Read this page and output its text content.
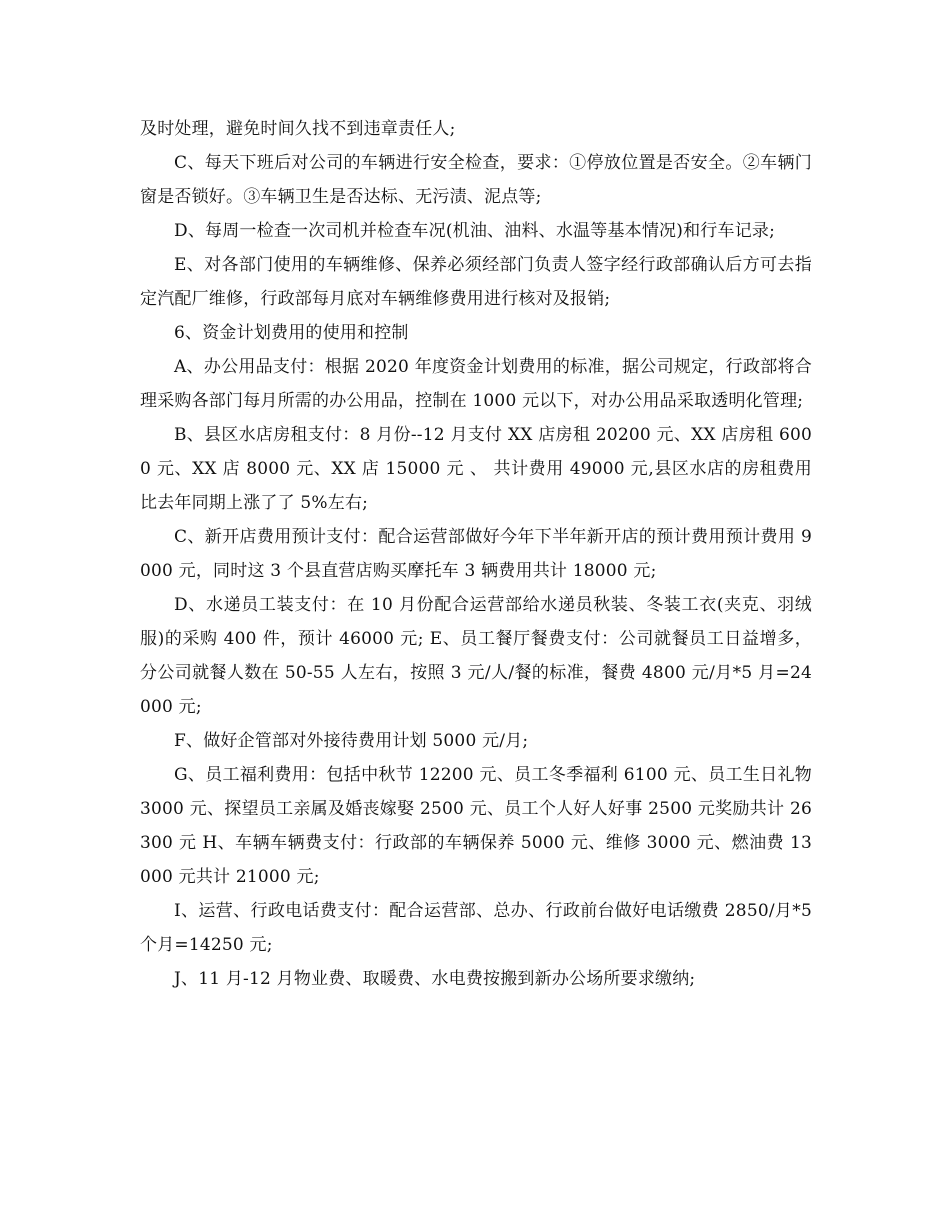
及时处理，避免时间久找不到违章责任人;

C、每天下班后对公司的车辆进行安全检查，要求：①停放位置是否安全。②车辆门窗是否锁好。③车辆卫生是否达标、无污渍、泥点等;

D、每周一检查一次司机并检查车况(机油、油料、水温等基本情况)和行车记录;

E、对各部门使用的车辆维修、保养必须经部门负责人签字经行政部确认后方可去指定汽配厂维修，行政部每月底对车辆维修费用进行核对及报销;

6、资金计划费用的使用和控制

A、办公用品支付：根据 2020 年度资金计划费用的标准，据公司规定，行政部将合理采购各部门每月所需的办公用品，控制在 1000 元以下，对办公用品采取透明化管理;

B、县区水店房租支付：8 月份--12 月支付 XX 店房租 20200 元、XX 店房租 6000 元、XX 店 8000 元、XX 店 15000 元 、 共计费用 49000 元,县区水店的房租费用比去年同期上涨了了 5%左右;

C、新开店费用预计支付：配合运营部做好今年下半年新开店的预计费用预计费用 9000 元，同时这 3 个县直营店购买摩托车 3 辆费用共计 18000 元;

D、水递员工装支付：在 10 月份配合运营部给水递员秋装、冬装工衣(夹克、羽绒服)的采购 400 件，预计 46000 元; E、员工餐厅餐费支付：公司就餐员工日益增多，分公司就餐人数在 50-55 人左右，按照 3 元/人/餐的标准，餐费 4800 元/月*5 月=24000 元;

F、做好企管部对外接待费用计划 5000 元/月;

G、员工福利费用：包括中秋节 12200 元、员工冬季福利 6100 元、员工生日礼物 3000 元、探望员工亲属及婚丧嫁娶 2500 元、员工个人好人好事 2500 元奖励共计 26300 元 H、车辆车辆费支付：行政部的车辆保养 5000 元、维修 3000 元、燃油费 13000 元共计 21000 元;

I、运营、行政电话费支付：配合运营部、总办、行政前台做好电话缴费 2850/月*5 个月=14250 元;

J、11 月-12 月物业费、取暖费、水电费按搬到新办公场所要求缴纳;
